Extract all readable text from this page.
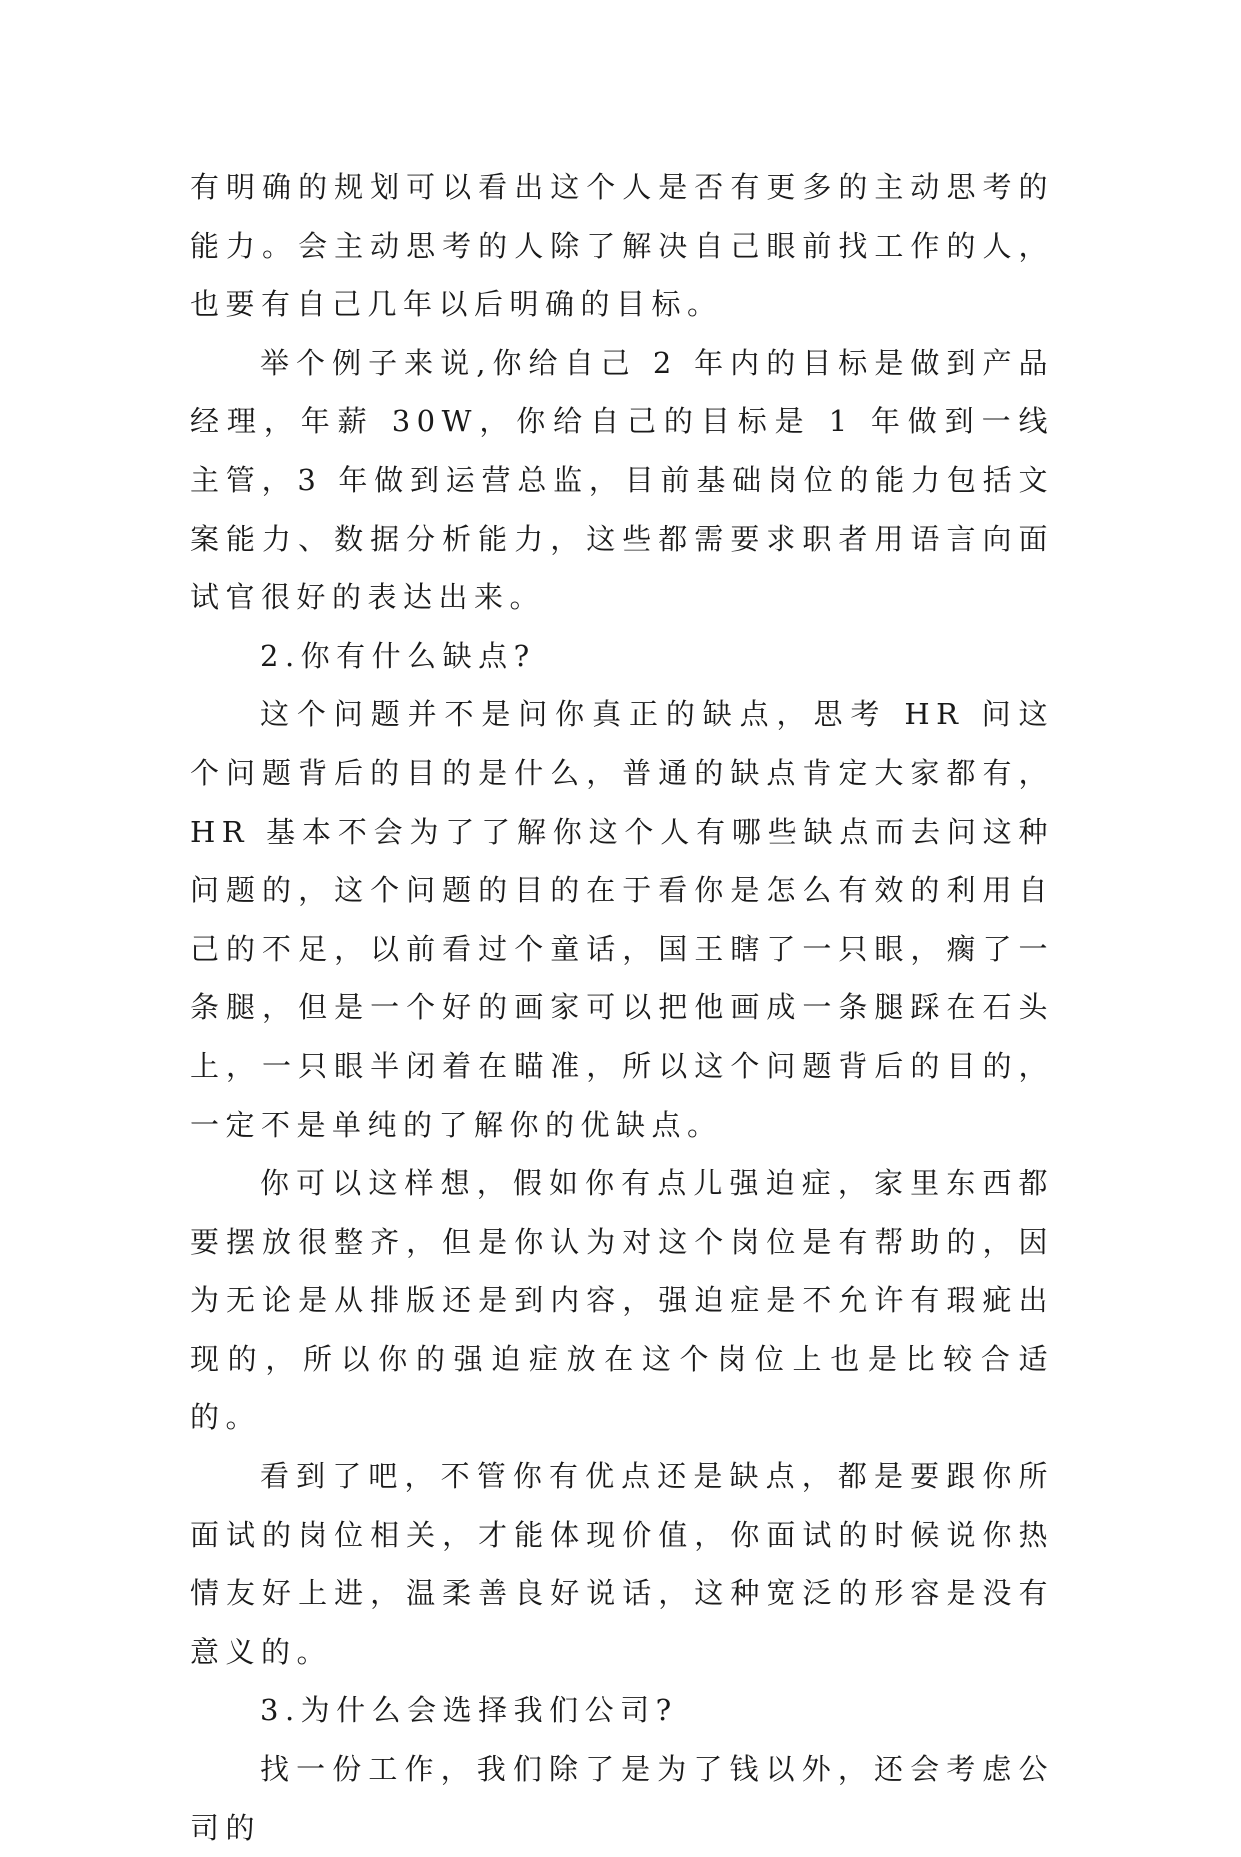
有明确的规划可以看出这个人是否有更多的主动思考的能力。会主动思考的人除了解决自己眼前找工作的人，也要有自己几年以后明确的目标。

举个例子来说,你给自己 2 年内的目标是做到产品经理，年薪 30W，你给自己的目标是 1 年做到一线主管，3 年做到运营总监，目前基础岗位的能力包括文案能力、数据分析能力，这些都需要求职者用语言向面试官很好的表达出来。

2.你有什么缺点?

这个问题并不是问你真正的缺点，思考 HR 问这个问题背后的目的是什么，普通的缺点肯定大家都有，HR 基本不会为了了解你这个人有哪些缺点而去问这种问题的，这个问题的目的在于看你是怎么有效的利用自己的不足，以前看过个童话，国王瞎了一只眼，瘸了一条腿，但是一个好的画家可以把他画成一条腿踩在石头上，一只眼半闭着在瞄准，所以这个问题背后的目的，一定不是单纯的了解你的优缺点。

你可以这样想，假如你有点儿强迫症，家里东西都要摆放很整齐，但是你认为对这个岗位是有帮助的，因为无论是从排版还是到内容，强迫症是不允许有瑕疵出现的，所以你的强迫症放在这个岗位上也是比较合适的。

看到了吧，不管你有优点还是缺点，都是要跟你所面试的岗位相关，才能体现价值，你面试的时候说你热情友好上进，温柔善良好说话，这种宽泛的形容是没有意义的。

3.为什么会选择我们公司?

找一份工作，我们除了是为了钱以外，还会考虑公司的
